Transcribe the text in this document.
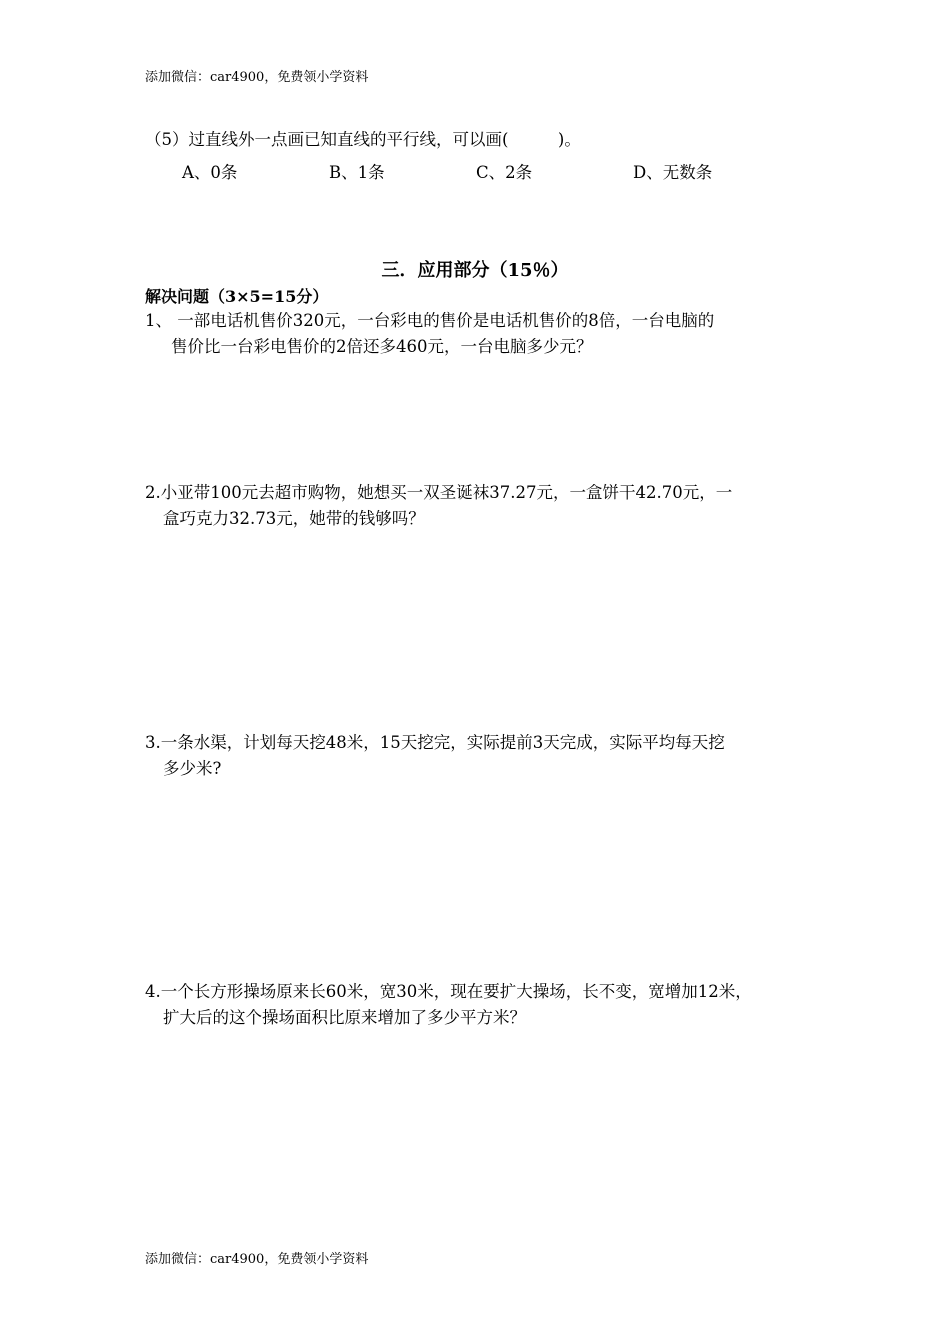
添加微信：car4900，免费领小学资料
（5）过直线外一点画已知直线的平行线，可以画(　　　)。
A、0条	B、1条	C、2条	D、无数条
三．应用部分（15％）
解决问题（3×5=15分）
1、 一部电话机售价320元，一台彩电的售价是电话机售价的8倍，一台电脑的
售价比一台彩电售价的2倍还多460元，一台电脑多少元？
2.小亚带100元去超市购物，她想买一双圣诞袜37.27元，一盒饼干42.70元，一
盒巧克力32.73元，她带的钱够吗？
3.一条水渠，计划每天挖48米，15天挖完，实际提前3天完成，实际平均每天挖
多少米?
4.一个长方形操场原来长60米，宽30米，现在要扩大操场，长不变，宽增加12米，
扩大后的这个操场面积比原来增加了多少平方米？
添加微信：car4900，免费领小学资料
